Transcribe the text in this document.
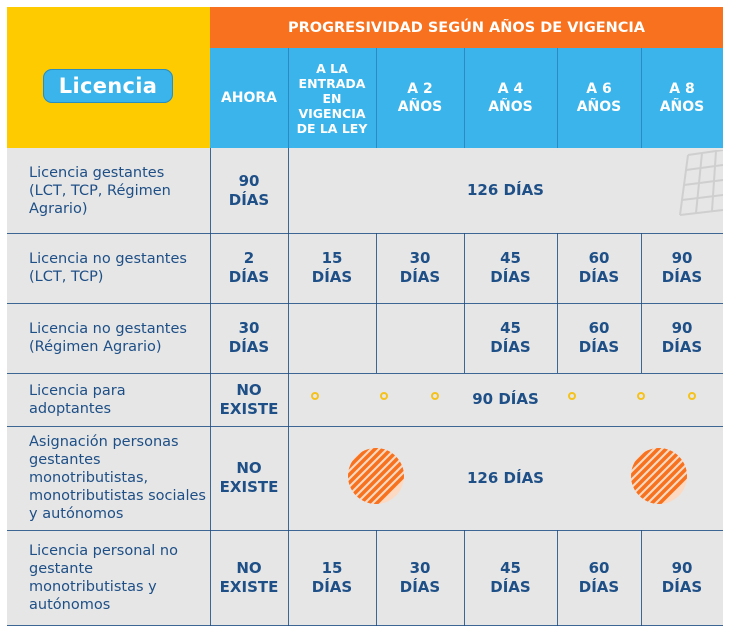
Licencia
PROGRESIVIDAD SEGÚN AÑOS DE VIGENCIA
AHORA
A LA ENTRADA EN VIGENCIA DE LA LEY
A 2 AÑOS
A 4 AÑOS
A 6 AÑOS
A 8 AÑOS
Licencia gestantes (LCT, TCP, Régimen Agrario)
90 DÍAS
126 DÍAS
Licencia no gestantes (LCT, TCP)
2 DÍAS
15 DÍAS
30 DÍAS
45 DÍAS
60 DÍAS
90 DÍAS
Licencia no gestantes (Régimen Agrario)
30 DÍAS
45 DÍAS
60 DÍAS
90 DÍAS
Licencia para adoptantes
NO EXISTE
90 DÍAS
Asignación personas gestantes monotributistas, monotributistas sociales y autónomos
NO EXISTE
126 DÍAS
Licencia personal no gestante monotributistas y autónomos
NO EXISTE
15 DÍAS
30 DÍAS
45 DÍAS
60 DÍAS
90 DÍAS
